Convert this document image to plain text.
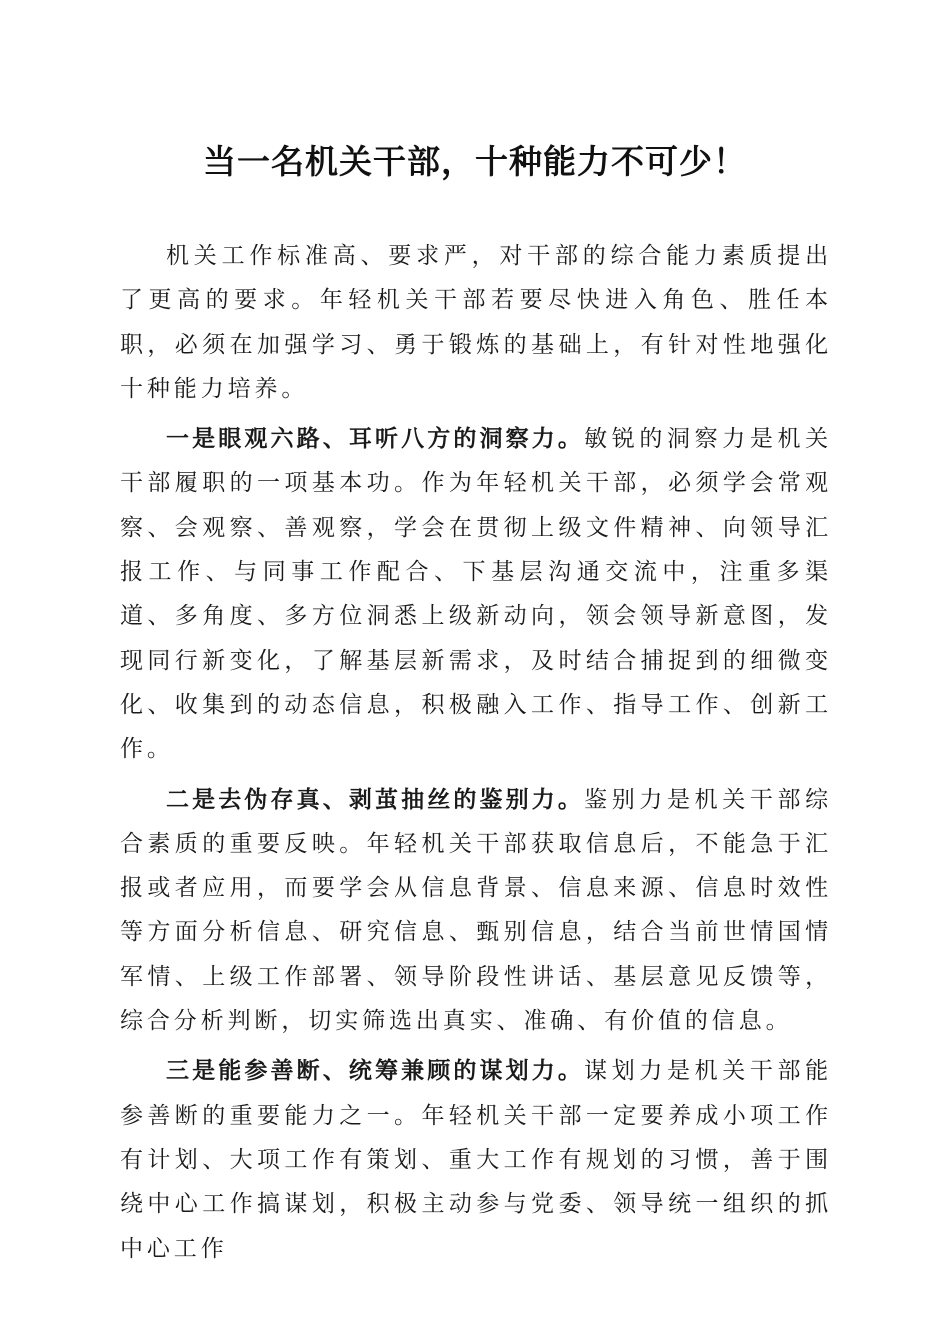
当一名机关干部，十种能力不可少！

机关工作标准高、要求严，对干部的综合能力素质提出了更高的要求。年轻机关干部若要尽快进入角色、胜任本职，必须在加强学习、勇于锻炼的基础上，有针对性地强化十种能力培养。

一是眼观六路、耳听八方的洞察力。敏锐的洞察力是机关干部履职的一项基本功。作为年轻机关干部，必须学会常观察、会观察、善观察，学会在贯彻上级文件精神、向领导汇报工作、与同事工作配合、下基层沟通交流中，注重多渠道、多角度、多方位洞悉上级新动向，领会领导新意图，发现同行新变化，了解基层新需求，及时结合捕捉到的细微变化、收集到的动态信息，积极融入工作、指导工作、创新工作。

二是去伪存真、剥茧抽丝的鉴别力。鉴别力是机关干部综合素质的重要反映。年轻机关干部获取信息后，不能急于汇报或者应用，而要学会从信息背景、信息来源、信息时效性等方面分析信息、研究信息、甄别信息，结合当前世情国情军情、上级工作部署、领导阶段性讲话、基层意见反馈等，综合分析判断，切实筛选出真实、准确、有价值的信息。

三是能参善断、统筹兼顾的谋划力。谋划力是机关干部能参善断的重要能力之一。年轻机关干部一定要养成小项工作有计划、大项工作有策划、重大工作有规划的习惯，善于围绕中心工作搞谋划，积极主动参与党委、领导统一组织的抓中心工作
